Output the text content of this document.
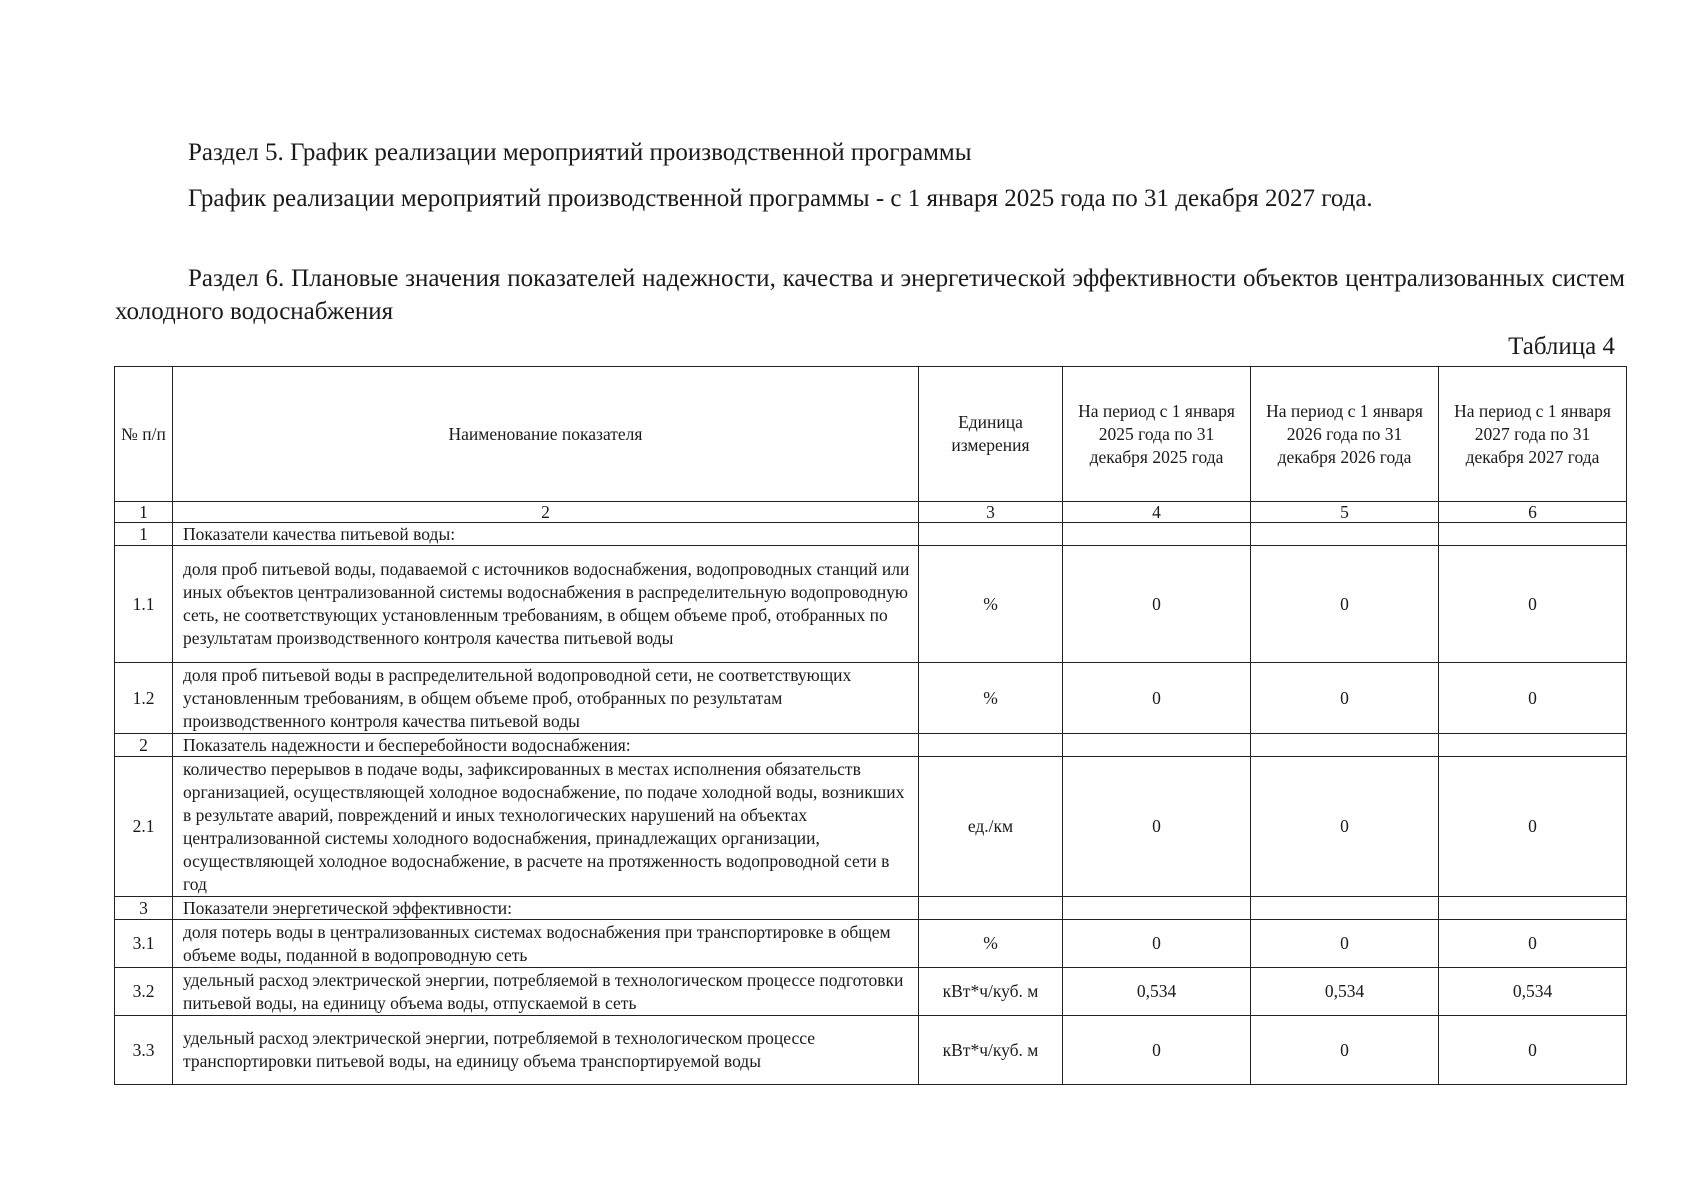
Раздел 5. График реализации мероприятий производственной программы
График реализации мероприятий производственной программы - с 1 января 2025 года по 31 декабря 2027 года.
Раздел 6. Плановые значения показателей надежности, качества и энергетической эффективности объектов централизованных систем холодного водоснабжения
Таблица 4
№ п/п	Наименование показателя	Единица измерения	На период с 1 января 2025 года по 31 декабря 2025 года	На период с 1 января 2026 года по 31 декабря 2026 года	На период с 1 января 2027 года по 31 декабря 2027 года
1	2	3	4	5	6
1	Показатели качества питьевой воды:				
1.1	доля проб питьевой воды, подаваемой с источников водоснабжения, водопроводных станций или иных объектов централизованной системы водоснабжения в распределительную водопроводную сеть, не соответствующих установленным требованиям, в общем объеме проб, отобранных по результатам производственного контроля качества питьевой воды	%	0	0	0
1.2	доля проб питьевой воды в распределительной водопроводной сети, не соответствующих установленным требованиям, в общем объеме проб, отобранных по результатам производственного контроля качества питьевой воды	%	0	0	0
2	Показатель надежности и бесперебойности водоснабжения:				
2.1	количество перерывов в подаче воды, зафиксированных в местах исполнения обязательств организацией, осуществляющей холодное водоснабжение, по подаче холодной воды, возникших в результате аварий, повреждений и иных технологических нарушений на объектах централизованной системы холодного водоснабжения, принадлежащих организации, осуществляющей холодное водоснабжение, в расчете на протяженность водопроводной сети в год	ед./км	0	0	0
3	Показатели энергетической эффективности:				
3.1	доля потерь воды в централизованных системах водоснабжения при транспортировке в общем объеме воды, поданной в водопроводную сеть	%	0	0	0
3.2	удельный расход электрической энергии, потребляемой в технологическом процессе подготовки питьевой воды, на единицу объема воды, отпускаемой в сеть	кВт*ч/куб. м	0,534	0,534	0,534
3.3	удельный расход электрической энергии, потребляемой в технологическом процессе транспортировки питьевой воды, на единицу объема транспортируемой воды	кВт*ч/куб. м	0	0	0
